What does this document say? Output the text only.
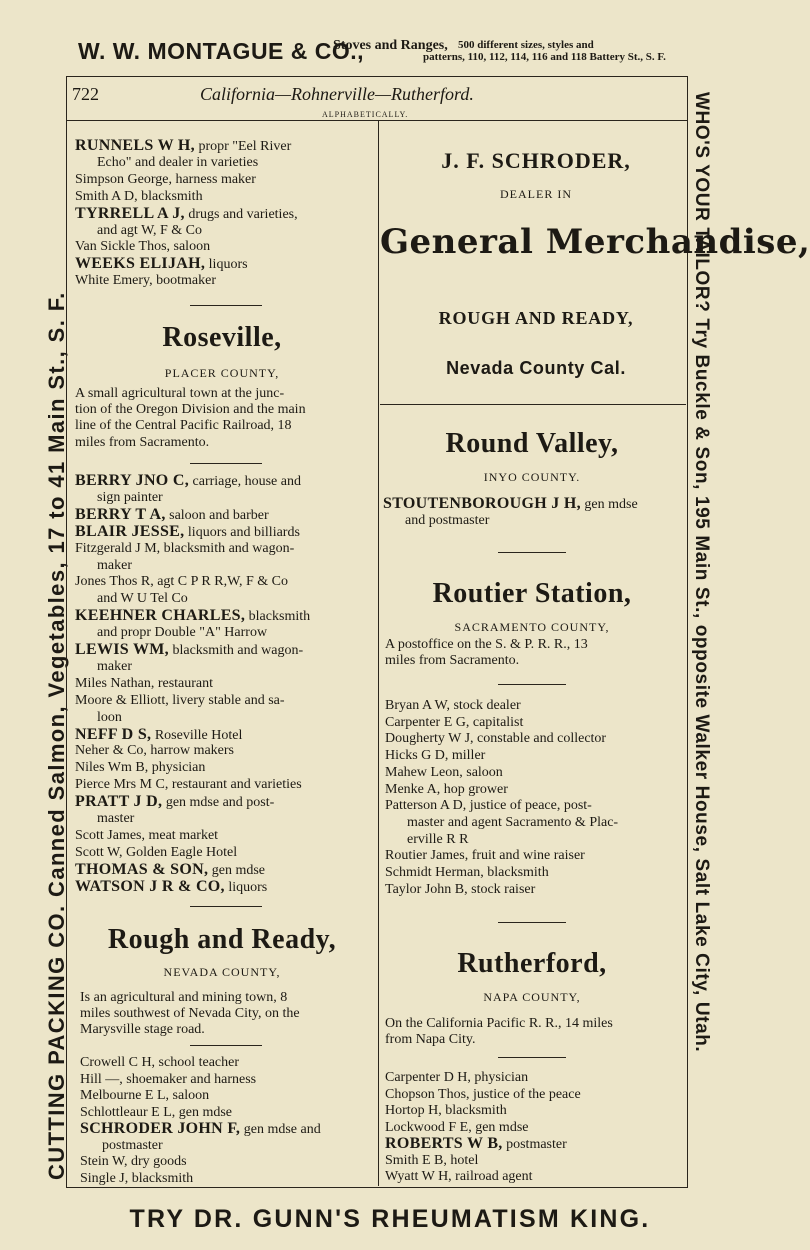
W. W. MONTAGUE & CO.,
Stoves and Ranges, 500 different sizes, styles and
patterns, 110, 112, 114, 116 and 118 Battery St., S. F.
CUTTING PACKING CO. Canned Salmon, Vegetables, 17 to 41 Main St., S. F.	WHO'S YOUR TAILOR? Try Buckle & Son, 195 Main St., opposite Walker House, Salt Lake City, Utah.
722	California—Rohnerville—Rutherford.
ALPHABETICALLY.
RUNNELS W H, propr "Eel River
Echo" and dealer in varieties
Simpson George, harness maker
Smith A D, blacksmith
TYRRELL A J, drugs and varieties,
and agt W, F & Co
Van Sickle Thos, saloon
WEEKS ELIJAH, liquors
White Emery, bootmaker
Roseville,
PLACER COUNTY,
A small agricultural town at the junc-
tion of the Oregon Division and the main
line of the Central Pacific Railroad, 18
miles from Sacramento.
BERRY JNO C, carriage, house and
sign painter
BERRY T A, saloon and barber
BLAIR JESSE, liquors and billiards
Fitzgerald J M, blacksmith and wagon-
maker
Jones Thos R, agt C P R R,W, F & Co
and W U Tel Co
KEEHNER CHARLES, blacksmith
and propr Double "A" Harrow
LEWIS WM, blacksmith and wagon-
maker
Miles Nathan, restaurant
Moore & Elliott, livery stable and sa-
loon
NEFF D S, Roseville Hotel
Neher & Co, harrow makers
Niles Wm B, physician
Pierce Mrs M C, restaurant and varieties
PRATT J D, gen mdse and post-
master
Scott James, meat market
Scott W, Golden Eagle Hotel
THOMAS & SON, gen mdse
WATSON J R & CO, liquors
Rough and Ready,
NEVADA COUNTY,
Is an agricultural and mining town, 8
miles southwest of Nevada City, on the
Marysville stage road.
Crowell C H, school teacher
Hill —, shoemaker and harness
Melbourne E L, saloon
Schlottleaur E L, gen mdse
SCHRODER JOHN F, gen mdse and
postmaster
Stein W, dry goods
Single J, blacksmith
J. F. SCHRODER,
DEALER IN
General Merchandise,
ROUGH AND READY,
Nevada County Cal.
Round Valley,
INYO COUNTY.
STOUTENBOROUGH J H, gen mdse
and postmaster
Routier Station,
SACRAMENTO COUNTY,
A postoffice on the S. & P. R. R., 13
miles from Sacramento.
Bryan A W, stock dealer
Carpenter E G, capitalist
Dougherty W J, constable and collector
Hicks G D, miller
Mahew Leon, saloon
Menke A, hop grower
Patterson A D, justice of peace, post-
master and agent Sacramento & Plac-
erville R R
Routier James, fruit and wine raiser
Schmidt Herman, blacksmith
Taylor John B, stock raiser
Rutherford,
NAPA COUNTY,
On the California Pacific R. R., 14 miles
from Napa City.
Carpenter D H, physician
Chopson Thos, justice of the peace
Hortop H, blacksmith
Lockwood F E, gen mdse
ROBERTS W B, postmaster
Smith E B, hotel
Wyatt W H, railroad agent
TRY DR. GUNN'S RHEUMATISM KING.
